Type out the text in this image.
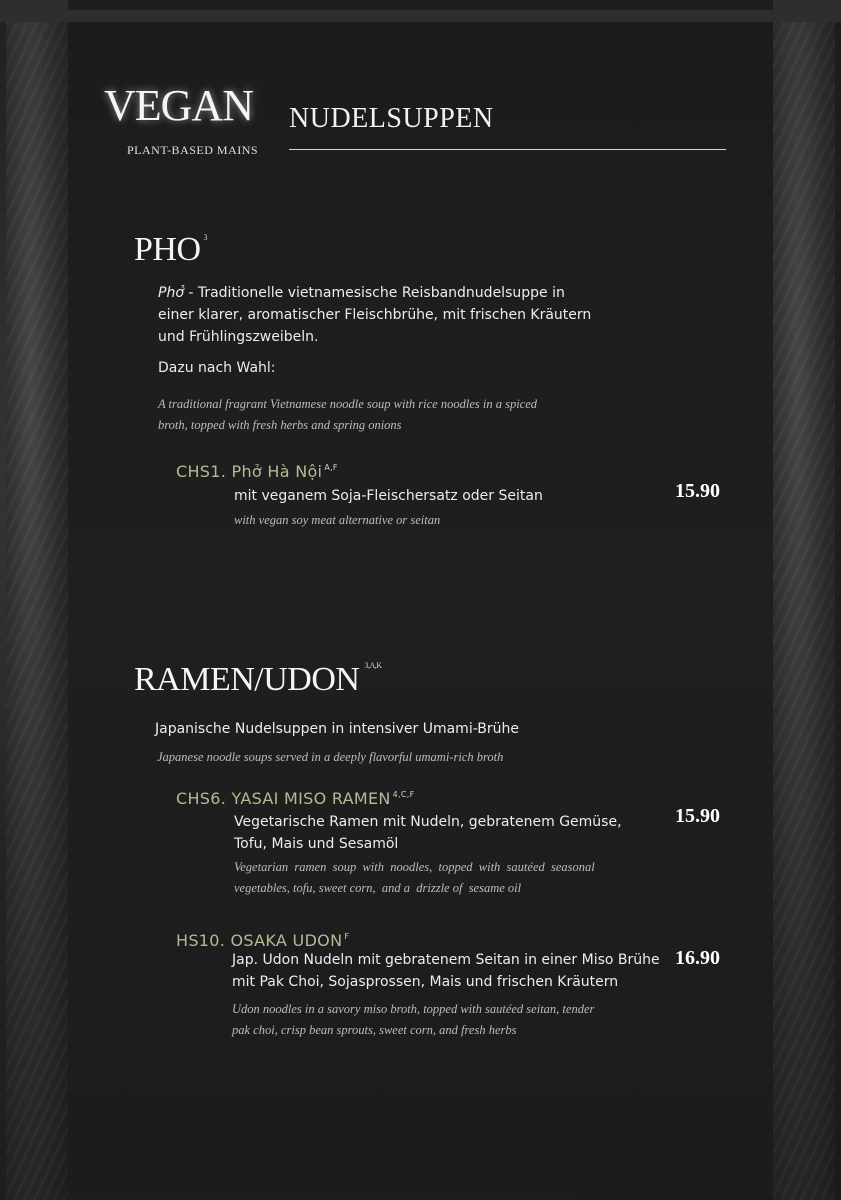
VEGAN
PLANT-BASED MAINS
NUDELSUPPEN
PHO $^3$
Phở - Traditionelle vietnamesische Reisbandnudelsuppe in
einer klarer, aromatischer Fleischbrühe, mit frischen Kräutern
und Frühlingszweibeln.
Dazu nach Wahl:
A traditional fragrant Vietnamese noodle soup with rice noodles in a spiced
broth, topped with fresh herbs and spring onions
CHS1. Phở Hà Nội $^{A,F}$
mit veganem Soja-Fleischersatz oder Seitan
with vegan soy meat alternative or seitan
15.90
RAMEN/UDON $^{3,A,K}$
Japanische Nudelsuppen in intensiver Umami-Brühe
Japanese noodle soups served in a deeply flavorful umami-rich broth
CHS6. YASAI MISO RAMEN $^{4,C,F}$
Vegetarische Ramen mit Nudeln, gebratenem Gemüse,
Tofu, Mais und Sesamöl
Vegetarian  ramen  soup  with  noodles,  topped  with  sautéed  seasonal
vegetables, tofu, sweet corn,  and a  drizzle of  sesame oil
15.90
HS10. OSAKA UDON $^F$
Jap. Udon Nudeln mit gebratenem Seitan in einer Miso Brühe
mit Pak Choi, Sojasprossen, Mais und frischen Kräutern
Udon noodles in a savory miso broth, topped with sautéed seitan, tender
pak choi, crisp bean sprouts, sweet corn, and fresh herbs
16.90
